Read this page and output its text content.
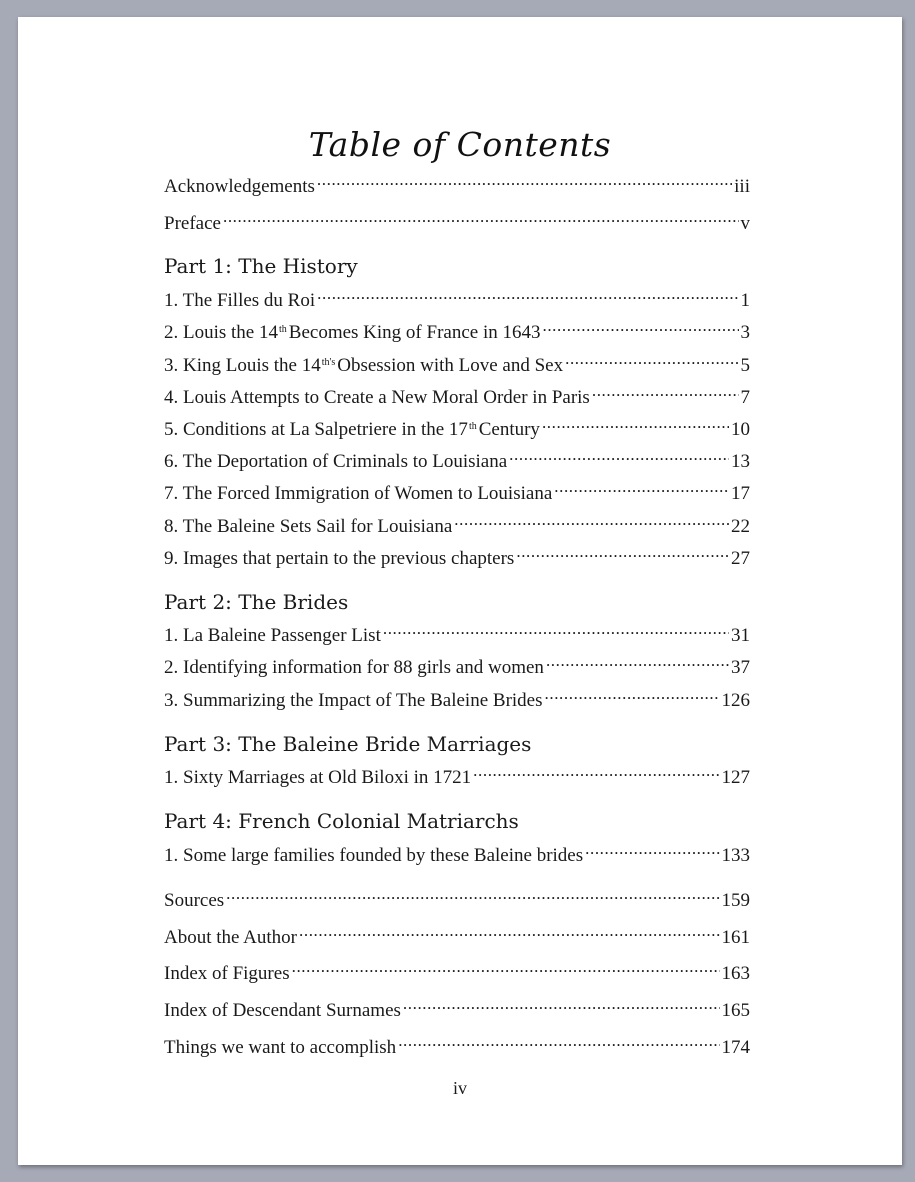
Table of Contents
Acknowledgements .....	iii
Preface .....	v
Part 1: The History
1. The Filles du Roi .....	1
2. Louis the 14th Becomes King of France in 1643 .....	3
3. King Louis the $14^{th's}$ Obsession with Love and Sex .....	5
4. Louis Attempts to Create a New Moral Order in Paris .....	7
5. Conditions at La Salpetriere in the 17th Century .....	10
6. The Deportation of Criminals to Louisiana .....	13
7. The Forced Immigration of Women to Louisiana .....	17
8. The Baleine Sets Sail for Louisiana .....	22
9. Images that pertain to the previous chapters .....	27
Part 2: The Brides
1. La Baleine Passenger List .....	31
2. Identifying information for 88 girls and women .....	37
3. Summarizing the Impact of The Baleine Brides .....	126
Part 3: The Baleine Bride Marriages
1. Sixty Marriages at Old Biloxi in 1721 .....	127
Part 4: French Colonial Matriarchs
1. Some large families founded by these Baleine brides .....	133
Sources .....	159
About the Author .....	161
Index of Figures .....	163
Index of Descendant Surnames .....	165
Things we want to accomplish .....	174
iv
